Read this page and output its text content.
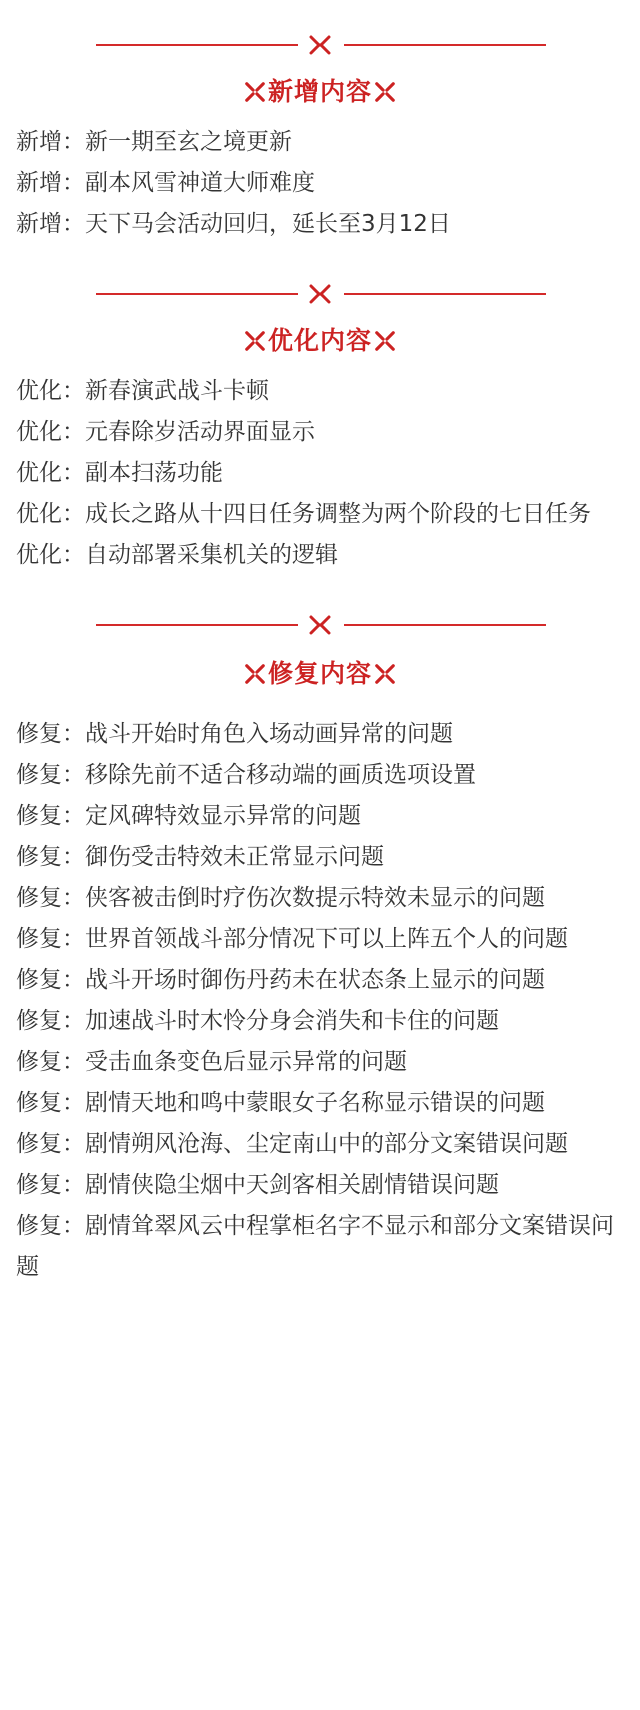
新增内容
新增：新一期至玄之境更新
新增：副本风雪神道大师难度
新增：天下马会活动回归，延长至3月12日
优化内容
优化：新春演武战斗卡顿
优化：元春除岁活动界面显示
优化：副本扫荡功能
优化：成长之路从十四日任务调整为两个阶段的七日任务
优化：自动部署采集机关的逻辑
修复内容
修复：战斗开始时角色入场动画异常的问题
修复：移除先前不适合移动端的画质选项设置
修复：定风碑特效显示异常的问题
修复：御伤受击特效未正常显示问题
修复：侠客被击倒时疗伤次数提示特效未显示的问题
修复：世界首领战斗部分情况下可以上阵五个人的问题
修复：战斗开场时御伤丹药未在状态条上显示的问题
修复：加速战斗时木怜分身会消失和卡住的问题
修复：受击血条变色后显示异常的问题
修复：剧情天地和鸣中蒙眼女子名称显示错误的问题
修复：剧情朔风沧海、尘定南山中的部分文案错误问题
修复：剧情侠隐尘烟中天剑客相关剧情错误问题
修复：剧情耸翠风云中程掌柜名字不显示和部分文案错误问题
